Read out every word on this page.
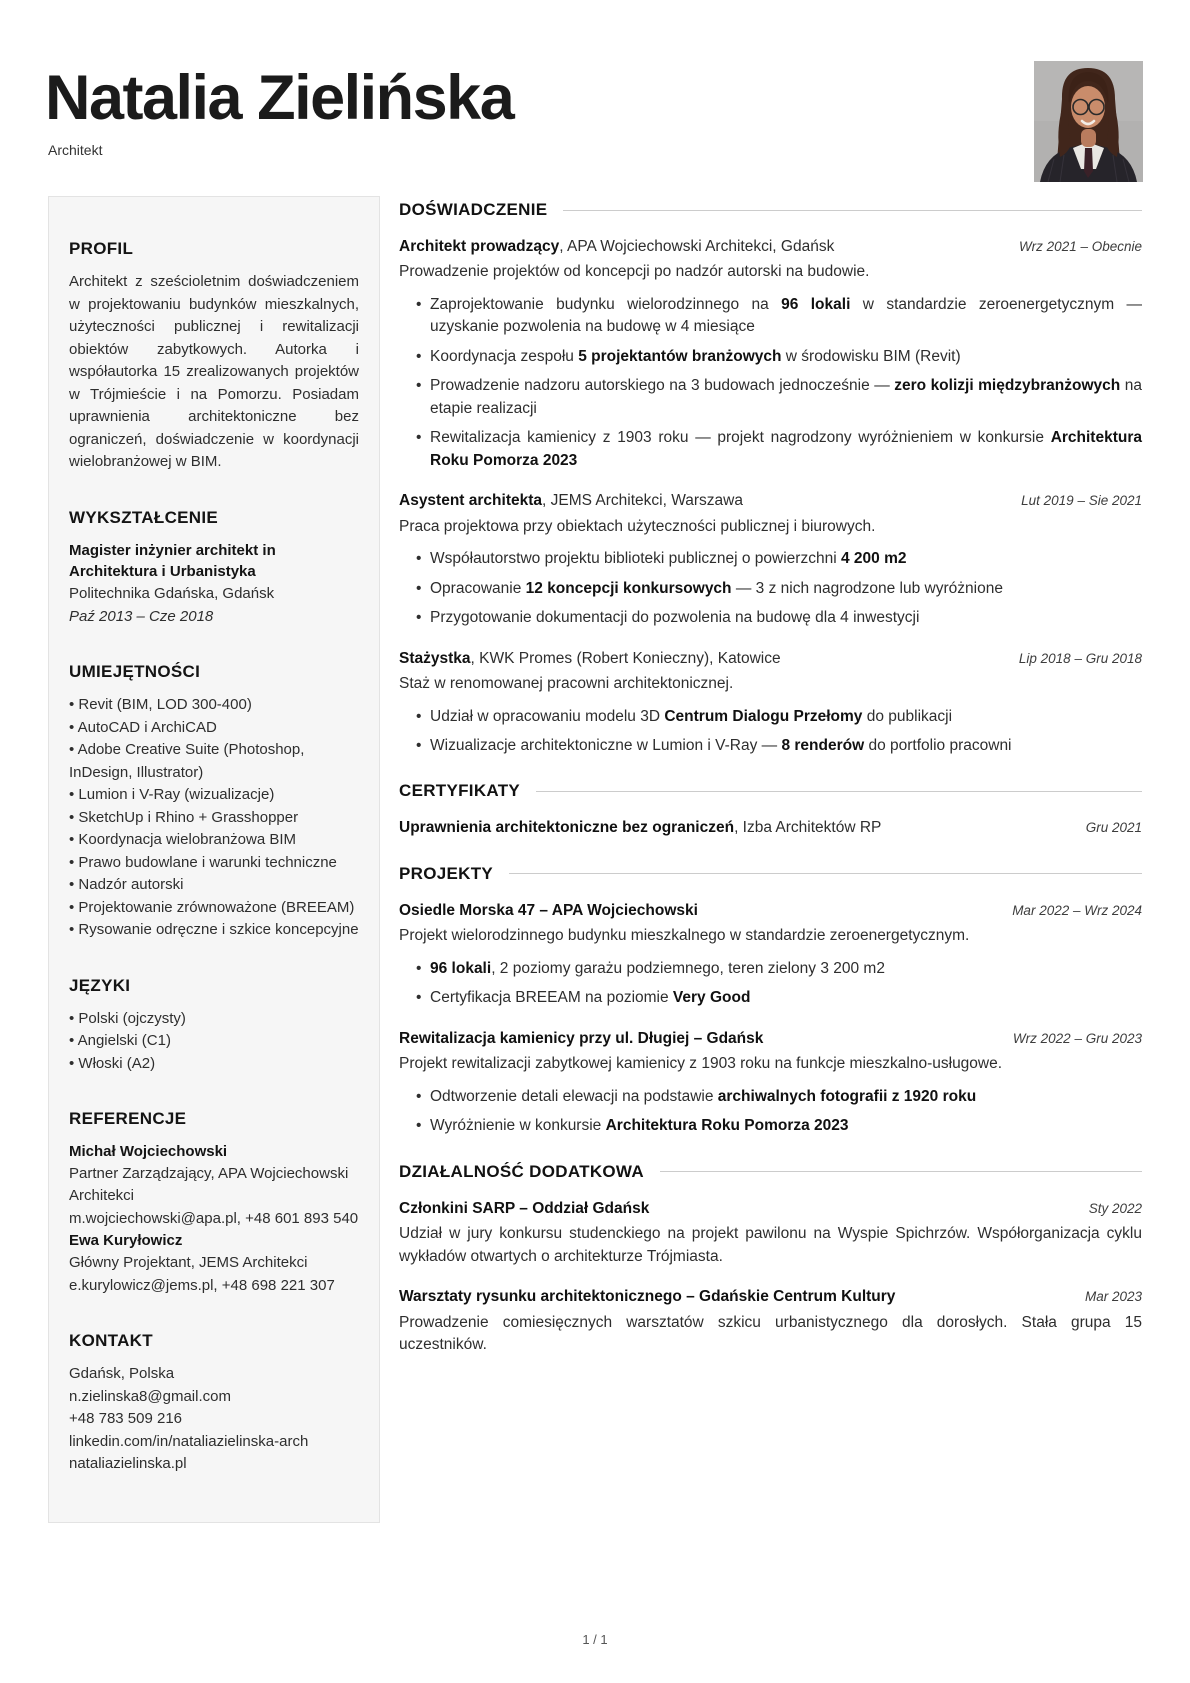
Natalia Zielińska
Architekt
PROFIL

Architekt z sześcioletnim doświadczeniem w projektowaniu budynków mieszkalnych, użyteczności publicznej i rewitalizacji obiektów zabytkowych. Autorka i współautorka 15 zrealizowanych projektów w Trójmieście i na Pomorzu. Posiadam uprawnienia architektoniczne bez ograniczeń, doświadczenie w koordynacji wielobranżowej w BIM.

WYKSZTAŁCENIE
Magister inżynier architekt in Architektura i Urbanistyka
Politechnika Gdańska, Gdańsk
Paź 2013 – Cze 2018
UMIEJĘTNOŚCI
• Revit (BIM, LOD 300-400)
• AutoCAD i ArchiCAD
• Adobe Creative Suite (Photoshop, InDesign, Illustrator)
• Lumion i V-Ray (wizualizacje)
• SketchUp i Rhino + Grasshopper
• Koordynacja wielobranżowa BIM
• Prawo budowlane i warunki techniczne
• Nadzór autorski
• Projektowanie zrównoważone (BREEAM)
• Rysowanie odręczne i szkice koncepcyjne
JĘZYKI
• Polski (ojczysty)
• Angielski (C1)
• Włoski (A2)
REFERENCJE
Michał Wojciechowski
Partner Zarządzający, APA Wojciechowski Architekci
m.wojciechowski@apa.pl, +48 601 893 540
Ewa Kuryłowicz
Główny Projektant, JEMS Architekci
e.kurylowicz@jems.pl, +48 698 221 307
KONTAKT
Gdańsk, Polska
n.zielinska8@gmail.com
+48 783 509 216
linkedin.com/in/nataliazielinska-arch
nataliazielinska.pl
DOŚWIADCZENIE
Architekt prowadzący, APA Wojciechowski Architekci, Gdańsk	Wrz 2021 – Obecnie

Prowadzenie projektów od koncepcji po nadzór autorski na budowie.

• Zaprojektowanie budynku wielorodzinnego na 96 lokali w standardzie zeroenergetycznym — uzyskanie pozwolenia na budowę w 4 miesiące
• Koordynacja zespołu 5 projektantów branżowych w środowisku BIM (Revit)
• Prowadzenie nadzoru autorskiego na 3 budowach jednocześnie — zero kolizji międzybranżowych na etapie realizacji
• Rewitalizacja kamienicy z 1903 roku — projekt nagrodzony wyróżnieniem w konkursie Architektura Roku Pomorza 2023
Asystent architekta, JEMS Architekci, Warszawa	Lut 2019 – Sie 2021

Praca projektowa przy obiektach użyteczności publicznej i biurowych.

• Współautorstwo projektu biblioteki publicznej o powierzchni 4 200 m2
• Opracowanie 12 koncepcji konkursowych — 3 z nich nagrodzone lub wyróżnione
• Przygotowanie dokumentacji do pozwolenia na budowę dla 4 inwestycji
Stażystka, KWK Promes (Robert Konieczny), Katowice	Lip 2018 – Gru 2018

Staż w renomowanej pracowni architektonicznej.

• Udział w opracowaniu modelu 3D Centrum Dialogu Przełomy do publikacji
• Wizualizacje architektoniczne w Lumion i V-Ray — 8 renderów do portfolio pracowni
CERTYFIKATY
Uprawnienia architektoniczne bez ograniczeń, Izba Architektów RP	Gru 2021
PROJEKTY
Osiedle Morska 47 – APA Wojciechowski	Mar 2022 – Wrz 2024

Projekt wielorodzinnego budynku mieszkalnego w standardzie zeroenergetycznym.

• 96 lokali, 2 poziomy garażu podziemnego, teren zielony 3 200 m2
• Certyfikacja BREEAM na poziomie Very Good
Rewitalizacja kamienicy przy ul. Długiej – Gdańsk	Wrz 2022 – Gru 2023

Projekt rewitalizacji zabytkowej kamienicy z 1903 roku na funkcje mieszkalno-usługowe.

• Odtworzenie detali elewacji na podstawie archiwalnych fotografii z 1920 roku
• Wyróżnienie w konkursie Architektura Roku Pomorza 2023
DZIAŁALNOŚĆ DODATKOWA
Członkini SARP – Oddział Gdańsk	Sty 2022

Udział w jury konkursu studenckiego na projekt pawilonu na Wyspie Spichrzów. Współorganizacja cyklu wykładów otwartych o architekturze Trójmiasta.

Warsztaty rysunku architektonicznego – Gdańskie Centrum Kultury	Mar 2023

Prowadzenie comiesięcznych warsztatów szkicu urbanistycznego dla dorosłych. Stała grupa 15 uczestników.

1 / 1
